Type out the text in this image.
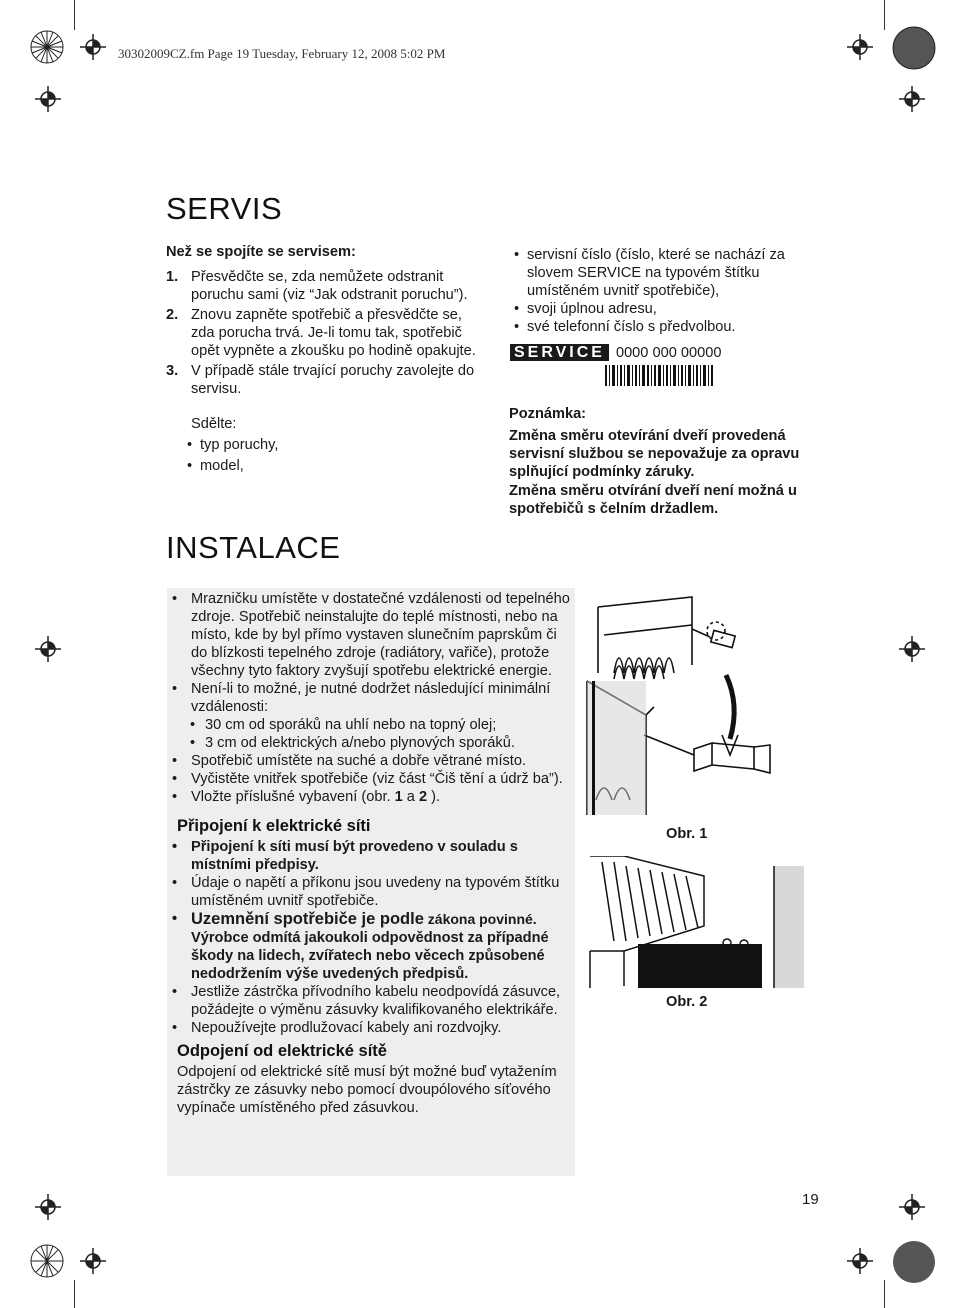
30302009CZ.fm Page 19 Tuesday, February 12, 2008 5:02 PM
SERVIS
Než se spojíte se servisem:
1. Přesvědčte se, zda nemůžete odstranit poruchu sami (viz “Jak odstranit poruchu”).
2. Znovu zapněte spotřebič a přesvědčte se, zda porucha trvá. Je-li tomu tak, spotřebič opět vypněte a zkoušku po hodině opakujte.
3. V případě stále trvající poruchy zavolejte do servisu.
Sdělte:
• typ poruchy,
• model,
• servisní číslo (číslo, které se nachází za slovem SERVICE na typovém štítku umístěném uvnitř spotřebiče),
• svoji úplnou adresu,
• své telefonní číslo s předvolbou.
SERVICE 0000 000 00000
Poznámka:
Změna směru otevírání dveří provedená servisní službou se nepovažuje za opravu splňující podmínky záruky.
Změna směru otvírání dveří není možná u spotřebičů s čelním držadlem.
INSTALACE
• Mrazničku umístěte v dostatečné vzdálenosti od tepelného zdroje. Spotřebič neinstalujte do teplé místnosti, nebo na místo, kde by byl přímo vystaven slunečním paprskům či do blízkosti tepelného zdroje (radiátory, vařiče), protože všechny tyto faktory zvyšují spotřebu elektrické energie.
• Není-li to možné, je nutné dodržet následující minimální vzdálenosti:
• 30 cm od sporáků na uhlí nebo na topný olej;
• 3 cm od elektrických a/nebo plynových sporáků.
• Spotřebič umístěte na suché a dobře větrané místo.
• Vyčistěte vnitřek spotřebiče (viz část “Čiš tění a údrž ba”).
• Vložte příslušné vybavení (obr. 1 a 2 ).
Připojení k elektrické síti
• Připojení k síti musí být provedeno v souladu s místními předpisy.
• Údaje o napětí a příkonu jsou uvedeny na typovém štítku umístěném uvnitř spotřebiče.
• Uzemnění spotřebiče je podle zákona povinné. Výrobce odmítá jakoukoli odpovědnost za případné škody na lidech, zvířatech nebo věcech způsobené nedodržením výše uvedených předpisů.
• Jestliže zástrčka přívodního kabelu neodpovídá zásuvce, požádejte o výměnu zásuvky kvalifikovaného elektrikáře.
• Nepoužívejte prodlužovací kabely ani rozdvojky.
Odpojení od elektrické sítě
Odpojení od elektrické sítě musí být možné buď vytažením zástrčky ze zásuvky nebo pomocí dvoupólového síťového vypínače umístěného před zásuvkou.
Obr. 1
Obr. 2
19
